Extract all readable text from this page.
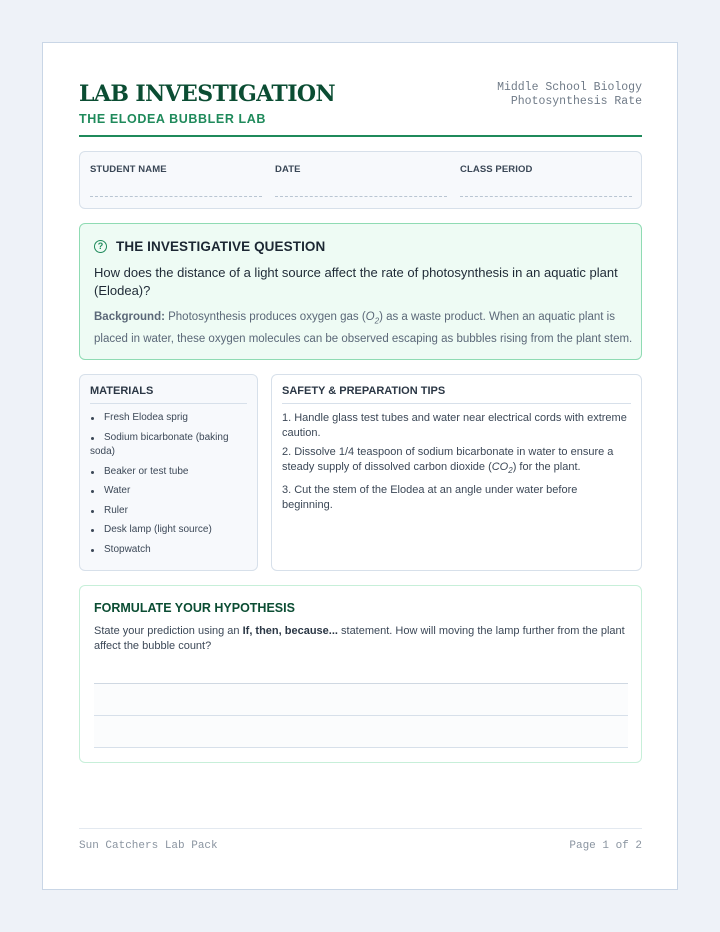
LAB INVESTIGATION
THE ELODEA BUBBLER LAB
Middle School Biology
Photosynthesis Rate
STUDENT NAME	DATE	CLASS PERIOD
? THE INVESTIGATIVE QUESTION
How does the distance of a light source affect the rate of photosynthesis in an aquatic plant (Elodea)?
Background: Photosynthesis produces oxygen gas $(O_2)$ as a waste product. When an aquatic plant is placed in water, these oxygen molecules can be observed escaping as bubbles rising from the plant stem.
MATERIALS
Fresh Elodea sprig
Sodium bicarbonate (baking soda)
Beaker or test tube
Water
Ruler
Desk lamp (light source)
Stopwatch
SAFETY & PREPARATION TIPS
1. Handle glass test tubes and water near electrical cords with extreme caution.
2. Dissolve 1/4 teaspoon of sodium bicarbonate in water to ensure a steady supply of dissolved carbon dioxide $(CO_2)$ for the plant.
3. Cut the stem of the Elodea at an angle under water before beginning.
FORMULATE YOUR HYPOTHESIS
State your prediction using an If, then, because... statement. How will moving the lamp further from the plant affect the bubble count?
Sun Catchers Lab Pack	Page 1 of 2
